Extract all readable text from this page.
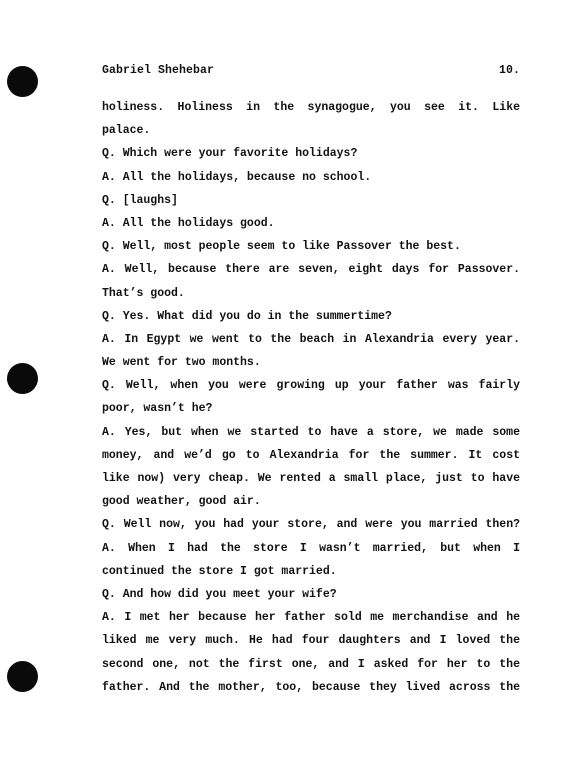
Gabriel Shehebar	10.
holiness. Holiness in the synagogue, you see it. Like
palace.
Q. Which were your favorite holidays?
A. All the holidays, because no school.
Q. [laughs]
A. All the holidays good.
Q. Well, most people seem to like Passover the best.
A. Well, because there are seven, eight days for Passover.
That’s good.
Q. Yes. What did you do in the summertime?
A. In Egypt we went to the beach in Alexandria every year.
We went for two months.
Q. Well, when you were growing up your father was fairly
poor, wasn’t he?
A. Yes, but when we started to have a store, we made some
money, and we’d go to Alexandria for the summer. It cost
like now) very cheap. We rented a small place, just to have
good weather, good air.
Q. Well now, you had your store, and were you married then?
A. When I had the store I wasn’t married, but when I
continued the store I got married.
Q. And how did you meet your wife?
A. I met her because her father sold me merchandise and he
liked me very much. He had four daughters and I loved the
second one, not the first one, and I asked for her to the
father. And the mother, too, because they lived across the
